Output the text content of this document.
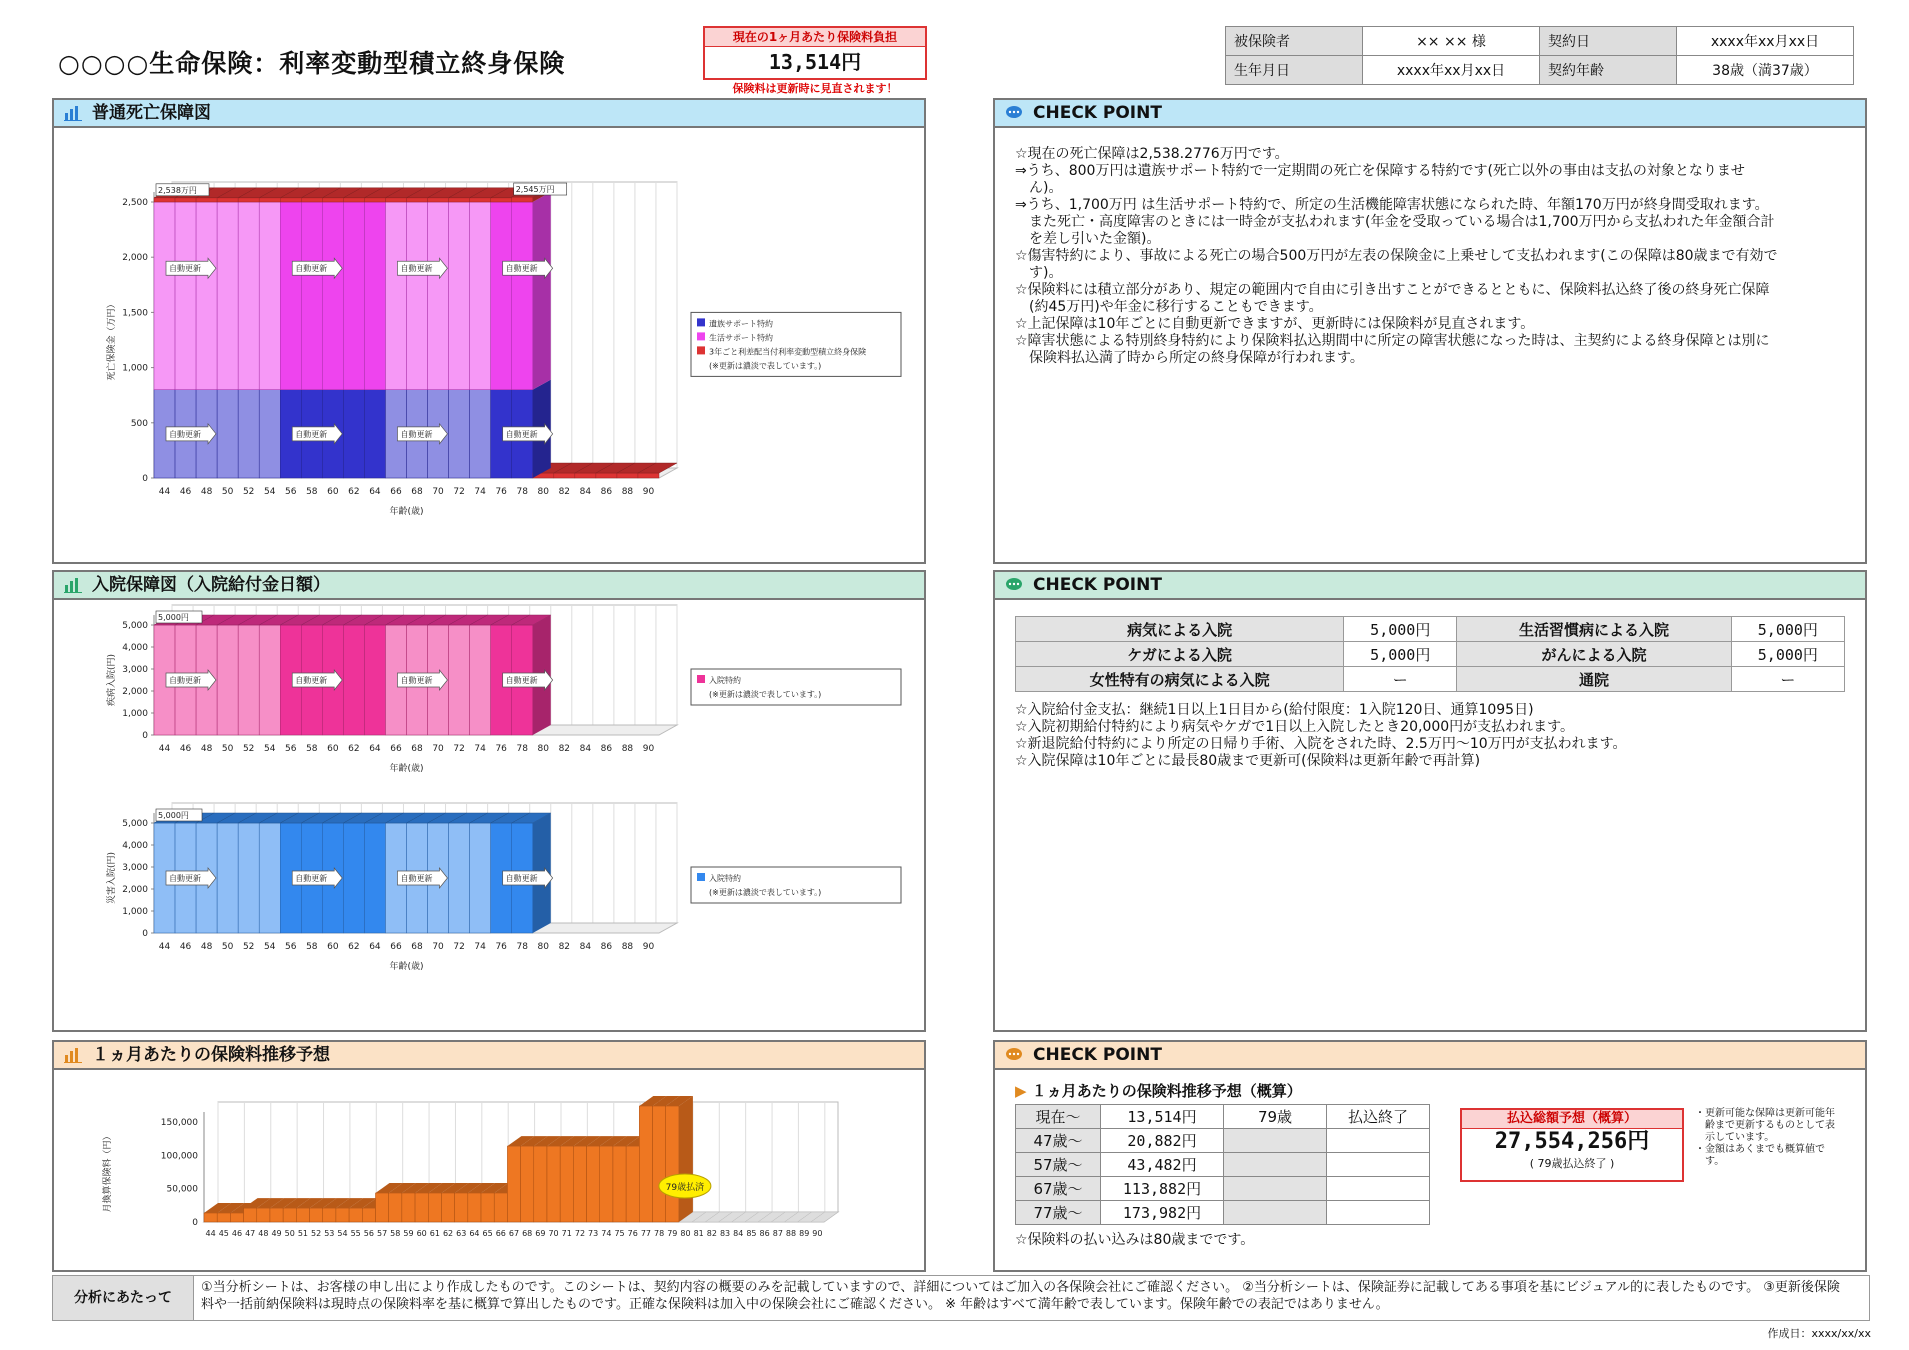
○○○○生命保険：利率変動型積立終身保険
現在の1ヶ月あたり保険料負担
13,514円
保険料は更新時に見直されます！
被保険者	×× ×× 様	契約日	xxxx年xx月xx日
生年月日	xxxx年xx月xx日	契約年齢	38歳（満37歳）
普通死亡保障図
0
500
1,000
1,500
2,000
2,500
44 46 48 50 52 54 56 58 60 62 64 66 68 70 72 74 76 78 80 82 84 86 88 90
年齢(歳)
死亡保険金（万円）
2,538万円	2,545万円
自動更新
自動更新
自動更新
自動更新
自動更新
自動更新
自動更新
自動更新
遺族サポート特約
生活サポート特約
3年ごと利差配当付利率変動型積立終身保険
(※更新は濃淡で表しています。)
入院保障図（入院給付金日額）
0
1,000
2,000
3,000
4,000
5,000
44 46 48 50 52 54 56 58 60 62 64 66 68 70 72 74 76 78 80 82 84 86 88 90
年齢(歳)
疾病入院(円)
5,000円
自動更新	自動更新	自動更新	自動更新	入院特約
(※更新は濃淡で表しています。)
0
1,000
2,000
3,000
4,000
5,000
44 46 48 50 52 54 56 58 60 62 64 66 68 70 72 74 76 78 80 82 84 86 88 90
年齢(歳)
災害入院(円)
5,000円
自動更新	自動更新	自動更新	自動更新	入院特約
(※更新は濃淡で表しています。)
１ヵ月あたりの保険料推移予想
0
50,000
100,000
150,000
44 45 46 47 48 49 50 51 52 53 54 55 56 57 58 59 60 61 62 63 64 65 66 67 68 69 70 71 72 73 74 75 76 77 78 79 80 81 82 83 84 85 86 87 88 89 90
月換算保険料（円）	79歳払済
CHECK POINT
☆現在の死亡保障は2,538.2776万円です。
⇒うち、800万円は遺族サポート特約で一定期間の死亡を保障する特約です(死亡以外の事由は支払の対象となりませ
　ん)。
⇒うち、1,700万円 は生活サポート特約で、所定の生活機能障害状態になられた時、年額170万円が終身間受取れます。
　また死亡・高度障害のときには一時金が支払われます(年金を受取っている場合は1,700万円から支払われた年金額合計
　を差し引いた金額)。
☆傷害特約により、事故による死亡の場合500万円が左表の保険金に上乗せして支払われます(この保障は80歳まで有効で
　す)。
☆保険料には積立部分があり、規定の範囲内で自由に引き出すことができるとともに、保険料払込終了後の終身死亡保障
　(約45万円)や年金に移行することもできます。
☆上記保障は10年ごとに自動更新できますが、更新時には保険料が見直されます。
☆障害状態による特別終身特約により保険料払込期間中に所定の障害状態になった時は、主契約による終身保障とは別に
　保険料払込満了時から所定の終身保障が行われます。
CHECK POINT
病気による入院	5,000円	生活習慣病による入院	5,000円
ケガによる入院	5,000円	がんによる入院	5,000円
女性特有の病気による入院	ー	通院	ー
☆入院給付金支払：継続1日以上1日目から(給付限度：1入院120日、通算1095日)
☆入院初期給付特約により病気やケガで1日以上入院したとき20,000円が支払われます。
☆新退院給付特約により所定の日帰り手術、入院をされた時、2.5万円〜10万円が支払われます。
☆入院保障は10年ごとに最長80歳まで更新可(保険料は更新年齢で再計算)
CHECK POINT
▶ １ヵ月あたりの保険料推移予想（概算）
現在〜	13,514円	79歳	払込終了
47歳〜	20,882円		
57歳〜	43,482円		
67歳〜	113,882円		
77歳〜	173,982円		
払込総額予想（概算）
27,554,256円
( 79歳払込終了 )
・更新可能な保障は更新可能年
　齢まで更新するものとして表
　示しています。
・金額はあくまでも概算値で
　す。
☆保険料の払い込みは80歳までです。
分析にあたって
①当分析シートは、お客様の申し出により作成したものです。このシートは、契約内容の概要のみを記載していますので、詳細についてはご加入の各保険会社にご確認ください。 ②当分析シートは、保険証券に記載してある事項を基にビジュアル的に表したものです。 ③更新後保険
料や一括前納保険料は現時点の保険料率を基に概算で算出したものです。正確な保険料は加入中の保険会社にご確認ください。 ※ 年齢はすべて満年齢で表しています。保険年齢での表記ではありません。
作成日：xxxx/xx/xx
